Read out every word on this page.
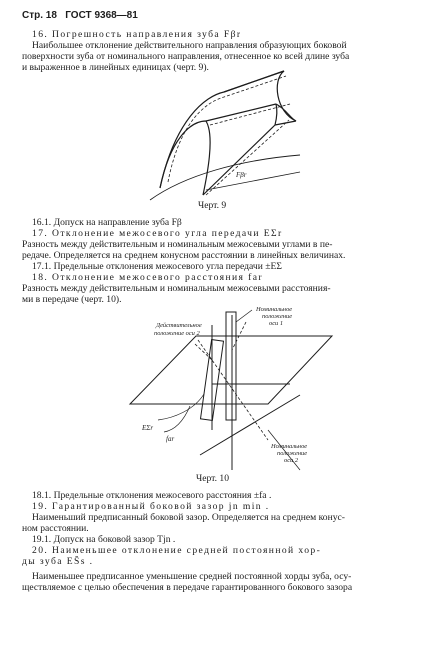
Стр. 18 ГОСТ 9368—81
16. Погрешность направления зуба Fβr
Наибольшее отклонение действительного направления образующих боковой
поверхности зуба от номинального направления, отнесенное ко всей длине зуба
и выраженное в линейных единицах (черт. 9).
Fβr
Черт. 9
16.1. Допуск на направление зуба Fβ
17. Отклонение межосевого угла передачи EΣr
Разность между действительным и номинальным межосевыми углами в пе-
редаче. Определяется на среднем конусном расстоянии в линейных величинах.
17.1. Предельные отклонения межосевого угла передачи ±EΣ
18. Отклонение межосевого расстояния far
Разность между действительным и номинальным межосевыми расстояния-
ми в передаче (черт. 10).
Действительное
положение оси 2
Номинальное
положение
оси 1
Номинальное
положение
оси 2
EΣr
far
Черт. 10
18.1. Предельные отклонения межосевого расстояния ±fa .
19. Гарантированный боковой зазор jn min .
Наименьший предписанный боковой зазор. Определяется на среднем конус-
ном расстоянии.
19.1. Допуск на боковой зазор Tjn .
20. Наименьшее отклонение средней постоянной хор-
ды зуба EŜs .
Наименьшее предписанное уменьшение средней постоянной хорды зуба, осу-
ществляемое с целью обеспечения в передаче гарантированного бокового зазора
